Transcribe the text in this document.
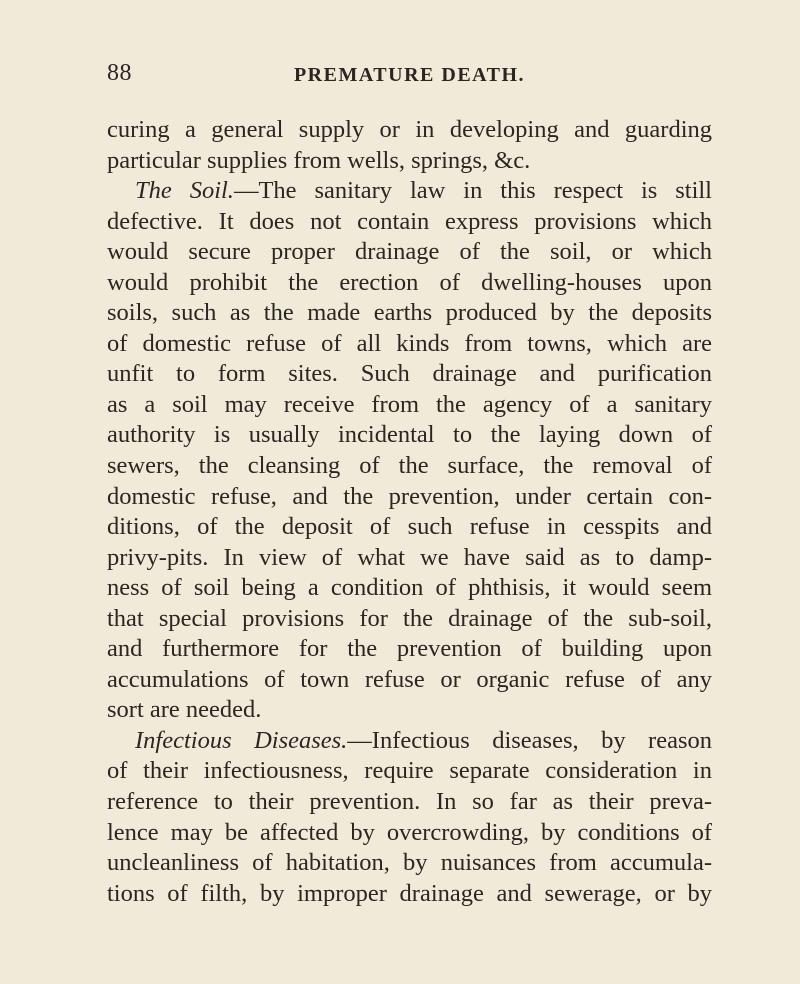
88	PREMATURE DEATH.
curing a general supply or in developing and guarding
particular supplies from wells, springs, &c.
The Soil.—The sanitary law in this respect is still
defective. It does not contain express provisions which
would secure proper drainage of the soil, or which
would prohibit the erection of dwelling-houses upon
soils, such as the made earths produced by the deposits
of domestic refuse of all kinds from towns, which are
unfit to form sites. Such drainage and purification
as a soil may receive from the agency of a sanitary
authority is usually incidental to the laying down of
sewers, the cleansing of the surface, the removal of
domestic refuse, and the prevention, under certain con-
ditions, of the deposit of such refuse in cesspits and
privy-pits. In view of what we have said as to damp-
ness of soil being a condition of phthisis, it would seem
that special provisions for the drainage of the sub-soil,
and furthermore for the prevention of building upon
accumulations of town refuse or organic refuse of any
sort are needed.
Infectious Diseases.—Infectious diseases, by reason
of their infectiousness, require separate consideration in
reference to their prevention. In so far as their preva-
lence may be affected by overcrowding, by conditions of
uncleanliness of habitation, by nuisances from accumula-
tions of filth, by improper drainage and sewerage, or by
